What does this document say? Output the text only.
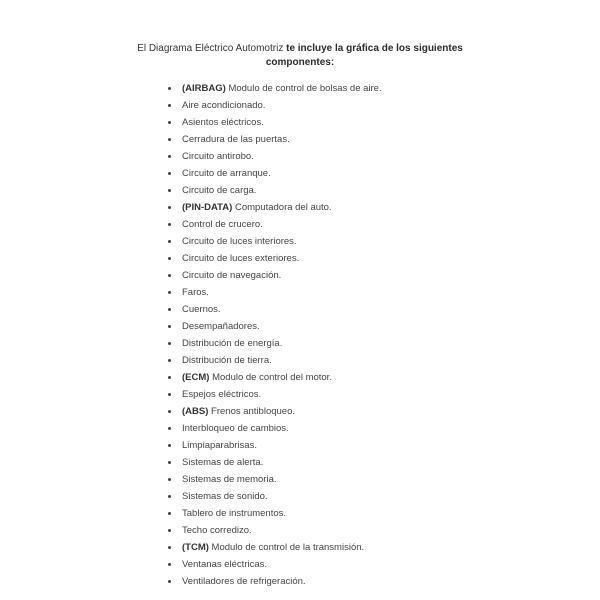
El Diagrama Eléctrico Automotriz te incluye la gráfica de los siguientes
componentes:
(AIRBAG) Modulo de control de bolsas de aire.
Aire acondicionado.
Asientos eléctricos.
Cerradura de las puertas.
Circuito antirobo.
Circuito de arranque.
Circuito de carga.
(PIN-DATA) Computadora del auto.
Control de crucero.
Circuito de luces interiores.
Circuito de luces exteriores.
Circuito de navegación.
Faros.
Cuernos.
Desempañadores.
Distribución de energía.
Distribución de tierra.
(ECM) Modulo de control del motor.
Espejos eléctricos.
(ABS) Frenos antibloqueo.
Interbloqueo de cambios.
Limpiaparabrisas.
Sistemas de alerta.
Sistemas de memoria.
Sistemas de sonido.
Tablero de instrumentos.
Techo corredizo.
(TCM) Modulo de control de la transmisión.
Ventanas eléctricas.
Ventiladores de refrigeración.
